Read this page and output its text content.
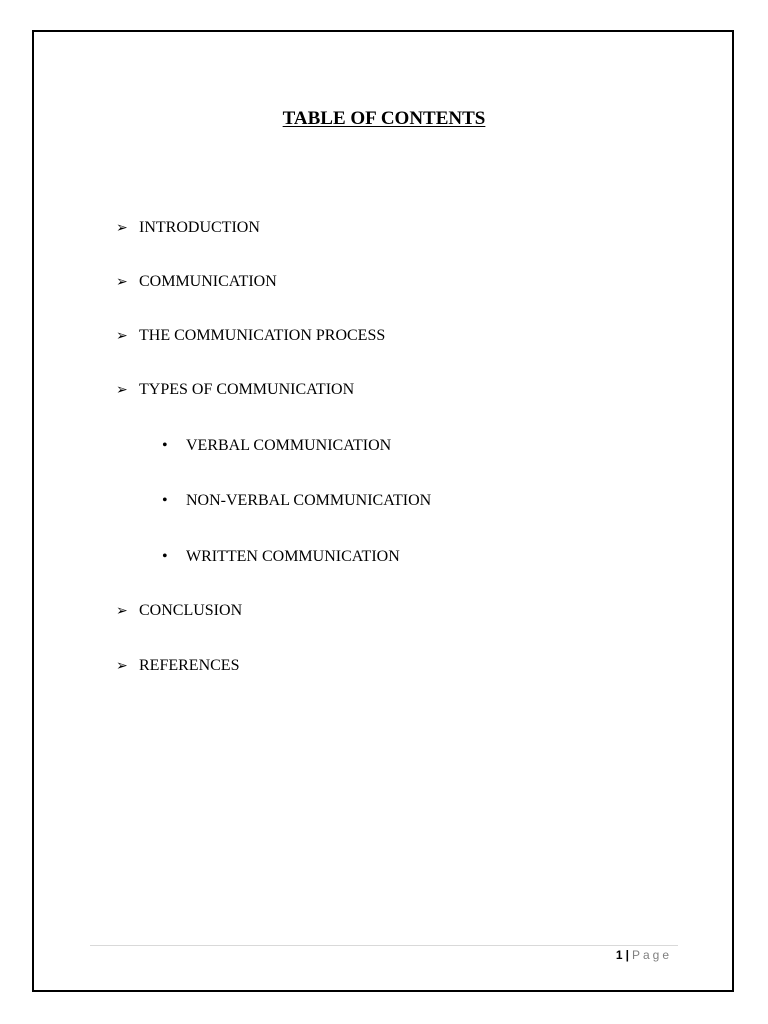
TABLE OF CONTENTS
➢ INTRODUCTION
➢ COMMUNICATION
➢ THE COMMUNICATION PROCESS
➢ TYPES OF COMMUNICATION
• VERBAL COMMUNICATION
• NON-VERBAL COMMUNICATION
• WRITTEN COMMUNICATION
➢ CONCLUSION
➢ REFERENCES
1 | Page
